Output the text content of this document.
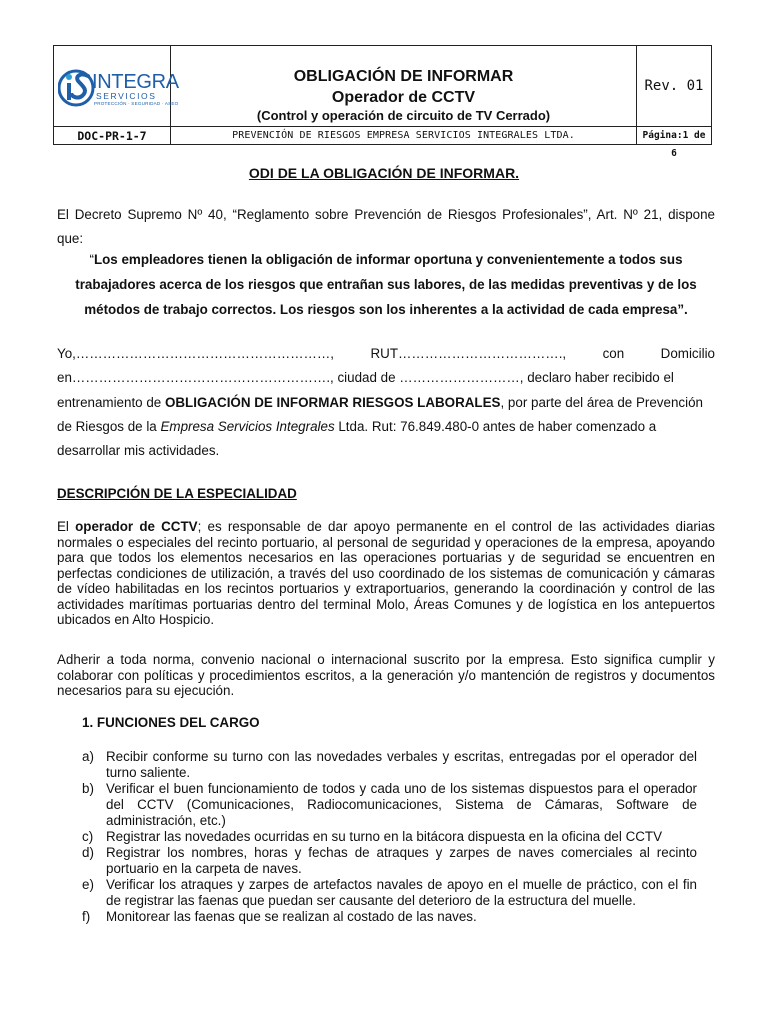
INTEGRA
SERVICIOS
PROTECCIÓN · SEGURIDAD · ASEO
OBLIGACIÓN DE INFORMAR
Operador de CCTV
(Control y operación de circuito de TV Cerrado)
Rev. 01
DOC-PR-1-7	PREVENCIÓN DE RIESGOS EMPRESA SERVICIOS INTEGRALES LTDA.	Página:1 de 6
ODI DE LA OBLIGACIÓN DE INFORMAR.
El Decreto Supremo Nº 40, “Reglamento sobre Prevención de Riesgos Profesionales”, Art. Nº 21, dispone que:
“Los empleadores tienen la obligación de informar oportuna y convenientemente a todos sus trabajadores acerca de los riesgos que entrañan sus labores, de las medidas preventivas y de los métodos de trabajo correctos. Los riesgos son los inherentes a la actividad de cada empresa”.
Yo,…………………………………………………,	RUT……………………………….,	con	Domicilio
en…………………………………………………., ciudad de ………………………, declaro haber recibido el
entrenamiento de OBLIGACIÓN DE INFORMAR RIESGOS LABORALES, por parte del área de Prevención
de Riesgos de la Empresa Servicios Integrales Ltda. Rut: 76.849.480-0 antes de haber comenzado a
desarrollar mis actividades.
DESCRIPCIÓN DE LA ESPECIALIDAD
El operador de CCTV; es responsable de dar apoyo permanente en el control de las actividades diarias normales o especiales del recinto portuario, al personal de seguridad y operaciones de la empresa, apoyando para que todos los elementos necesarios en las operaciones portuarias y de seguridad se encuentren en perfectas condiciones de utilización, a través del uso coordinado de los sistemas de comunicación y cámaras de vídeo habilitadas en los recintos portuarios y extraportuarios, generando la coordinación y control de las actividades marítimas portuarias dentro del terminal Molo, Áreas Comunes y de logística en los antepuertos ubicados en Alto Hospicio.
Adherir a toda norma, convenio nacional o internacional suscrito por la empresa. Esto significa cumplir y colaborar con políticas y procedimientos escritos, a la generación y/o mantención de registros y documentos necesarios para su ejecución.
1. FUNCIONES DEL CARGO
a) Recibir conforme su turno con las novedades verbales y escritas, entregadas por el operador del turno saliente.
b) Verificar el buen funcionamiento de todos y cada uno de los sistemas dispuestos para el operador del CCTV (Comunicaciones, Radiocomunicaciones, Sistema de Cámaras, Software de administración, etc.)
c) Registrar las novedades ocurridas en su turno en la bitácora dispuesta en la oficina del CCTV
d) Registrar los nombres, horas y fechas de atraques y zarpes de naves comerciales al recinto portuario en la carpeta de naves.
e) Verificar los atraques y zarpes de artefactos navales de apoyo en el muelle de práctico, con el fin de registrar las faenas que puedan ser causante del deterioro de la estructura del muelle.
f) Monitorear las faenas que se realizan al costado de las naves.
